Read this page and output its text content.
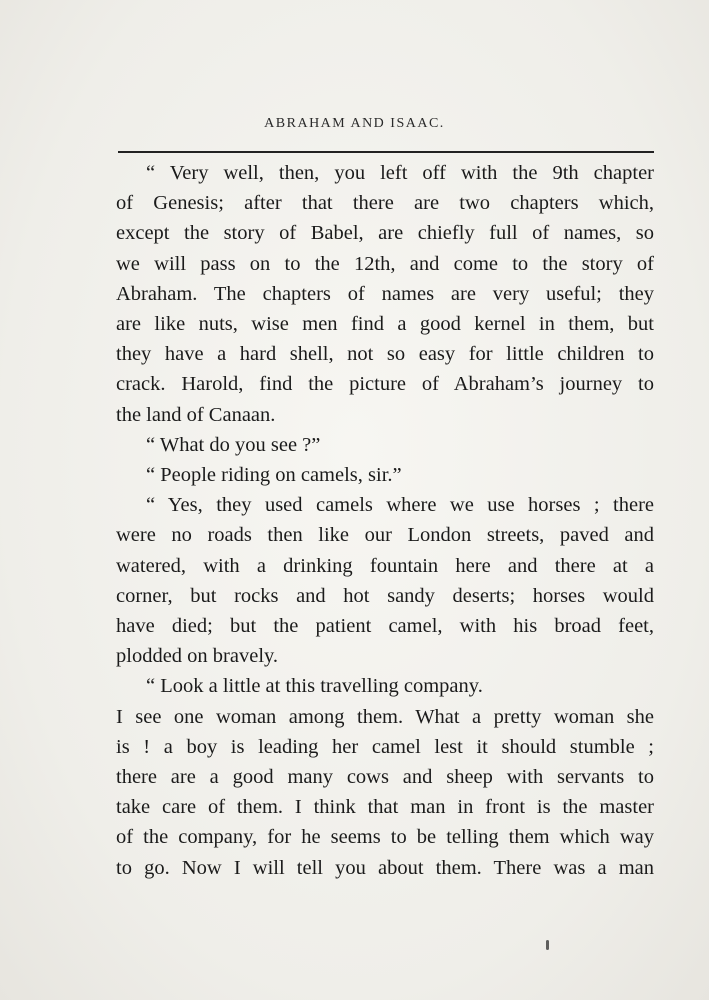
ABRAHAM AND ISAAC.
“ Very well, then, you left off with the 9th chapter
of Genesis; after that there are two chapters which,
except the story of Babel, are chiefly full of names, so
we will pass on to the 12th, and come to the story of
Abraham. The chapters of names are very useful; they
are like nuts, wise men find a good kernel in them, but
they have a hard shell, not so easy for little children to
crack. Harold, find the picture of Abraham’s journey to
the land of Canaan.
“ What do you see ?”
“ People riding on camels, sir.”
“ Yes, they used camels where we use horses ; there
were no roads then like our London streets, paved and
watered, with a drinking fountain here and there at a
corner, but rocks and hot sandy deserts; horses would
have died; but the patient camel, with his broad feet,
plodded on bravely.
“ Look a little at this travelling company.
I see one woman among them. What a pretty woman she
is ! a boy is leading her camel lest it should stumble ;
there are a good many cows and sheep with servants to
take care of them. I think that man in front is the master
of the company, for he seems to be telling them which way
to go. Now I will tell you about them. There was a man
